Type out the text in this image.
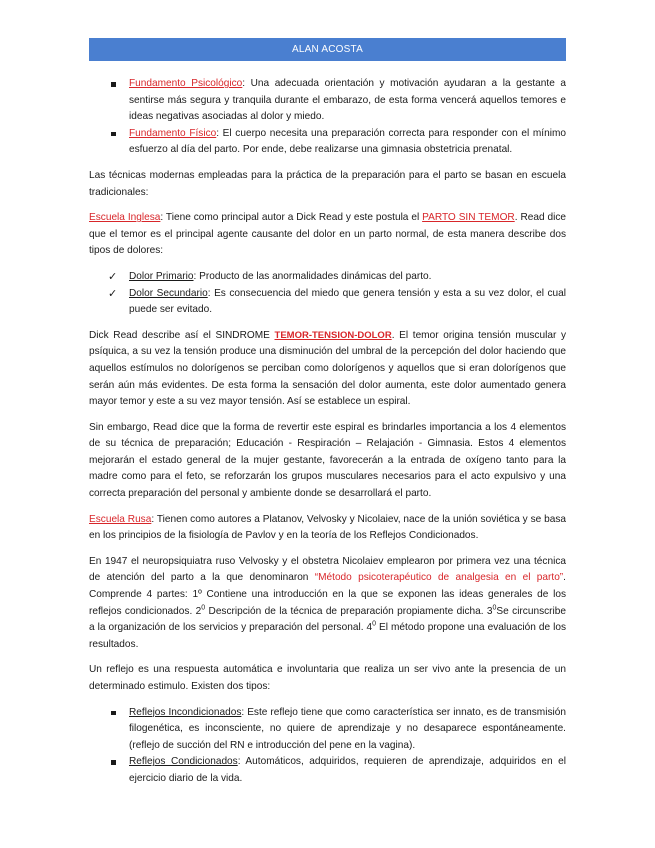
ALAN ACOSTA
Fundamento Psicológico: Una adecuada orientación y motivación ayudaran a la gestante a sentirse más segura y tranquila durante el embarazo, de esta forma vencerá aquellos temores e ideas negativas asociadas al dolor y miedo.
Fundamento Físico: El cuerpo necesita una preparación correcta para responder con el mínimo esfuerzo al día del parto. Por ende, debe realizarse una gimnasia obstetricia prenatal.

Las técnicas modernas empleadas para la práctica de la preparación para el parto se basan en escuela tradicionales:

Escuela Inglesa: Tiene como principal autor a Dick Read y este postula el PARTO SIN TEMOR. Read dice que el temor es el principal agente causante del dolor en un parto normal, de esta manera describe dos tipos de dolores:

✓ Dolor Primario: Producto de las anormalidades dinámicas del parto.
✓ Dolor Secundario: Es consecuencia del miedo que genera tensión y esta a su vez dolor, el cual puede ser evitado.

Dick Read describe así el SINDROME TEMOR-TENSION-DOLOR. El temor origina tensión muscular y psíquica, a su vez la tensión produce una disminución del umbral de la percepción del dolor haciendo que aquellos estímulos no dolorígenos se perciban como dolorígenos y aquellos que si eran dolorígenos que serán aún más evidentes. De esta forma la sensación del dolor aumenta, este dolor aumentado genera mayor temor y este a su vez mayor tensión. Así se establece un espiral.

Sin embargo, Read dice que la forma de revertir este espiral es brindarles importancia a los 4 elementos de su técnica de preparación; Educación - Respiración – Relajación - Gimnasia. Estos 4 elementos mejorarán el estado general de la mujer gestante, favorecerán a la entrada de oxígeno tanto para la madre como para el feto, se reforzarán los grupos musculares necesarios para el acto expulsivo y una correcta preparación del personal y ambiente donde se desarrollará el parto.

Escuela Rusa: Tienen como autores a Platanov, Velvosky y Nicolaiev, nace de la unión soviética y se basa en los principios de la fisiología de Pavlov y en la teoría de los Reflejos Condicionados.

En 1947 el neuropsiquiatra ruso Velvosky y el obstetra Nicolaiev emplearon por primera vez una técnica de atención del parto a la que denominaron “Método psicoterapéutico de analgesia en el parto”. Comprende 4 partes: 1º Contiene una introducción en la que se exponen las ideas generales de los reflejos condicionados. $2^0$ Descripción de la técnica de preparación propiamente dicha. $3^0Se$ circunscribe a la organización de los servicios y preparación del personal. $4^0$ El método propone una evaluación de los resultados.

Un reflejo es una respuesta automática e involuntaria que realiza un ser vivo ante la presencia de un determinado estimulo. Existen dos tipos:

Reflejos Incondicionados: Este reflejo tiene que como característica ser innato, es de transmisión filogenética, es inconsciente, no quiere de aprendizaje y no desaparece espontáneamente. (reflejo de succión del RN e introducción del pene en la vagina).
Reflejos Condicionados: Automáticos, adquiridos, requieren de aprendizaje, adquiridos en el ejercicio diario de la vida.
